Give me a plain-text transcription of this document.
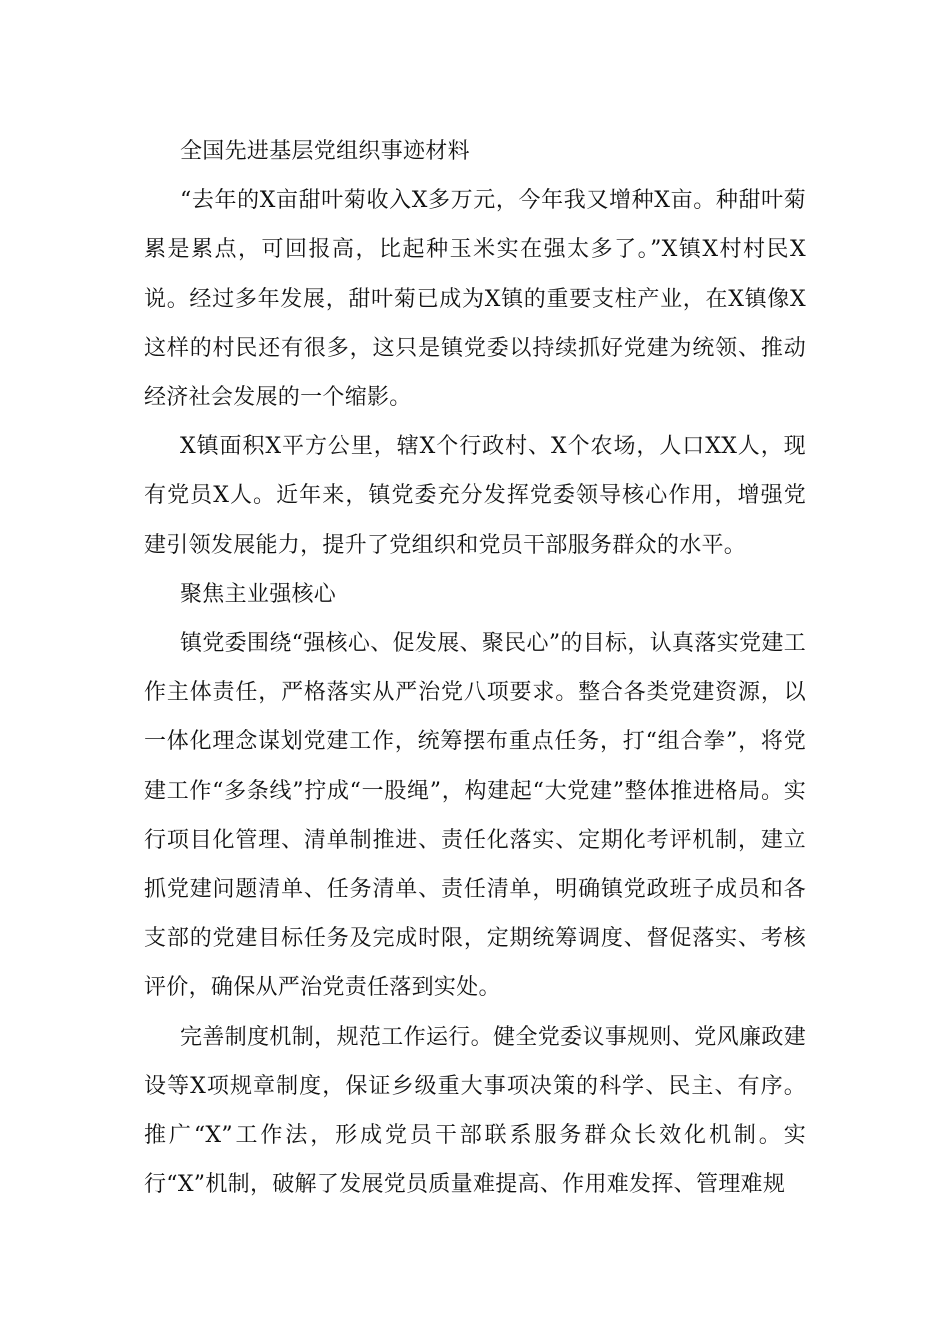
全国先进基层党组织事迹材料

“去年的X亩甜叶菊收入X多万元，今年我又增种X亩。种甜叶菊累是累点，可回报高，比起种玉米实在强太多了。”X镇X村村民X说。经过多年发展，甜叶菊已成为X镇的重要支柱产业，在X镇像X这样的村民还有很多，这只是镇党委以持续抓好党建为统领、推动经济社会发展的一个缩影。

X镇面积X平方公里，辖X个行政村、X个农场，人口XX人，现有党员X人。近年来，镇党委充分发挥党委领导核心作用，增强党建引领发展能力，提升了党组织和党员干部服务群众的水平。

聚焦主业强核心

镇党委围绕“强核心、促发展、聚民心”的目标，认真落实党建工作主体责任，严格落实从严治党八项要求。整合各类党建资源，以一体化理念谋划党建工作，统筹摆布重点任务，打“组合拳”，将党建工作“多条线”拧成“一股绳”，构建起“大党建”整体推进格局。实行项目化管理、清单制推进、责任化落实、定期化考评机制，建立抓党建问题清单、任务清单、责任清单，明确镇党政班子成员和各支部的党建目标任务及完成时限，定期统筹调度、督促落实、考核评价，确保从严治党责任落到实处。

完善制度机制，规范工作运行。健全党委议事规则、党风廉政建设等X项规章制度，保证乡级重大事项决策的科学、民主、有序。推广“X”工作法，形成党员干部联系服务群众长效化机制。实行“X”机制，破解了发展党员质量难提高、作用难发挥、管理难规
